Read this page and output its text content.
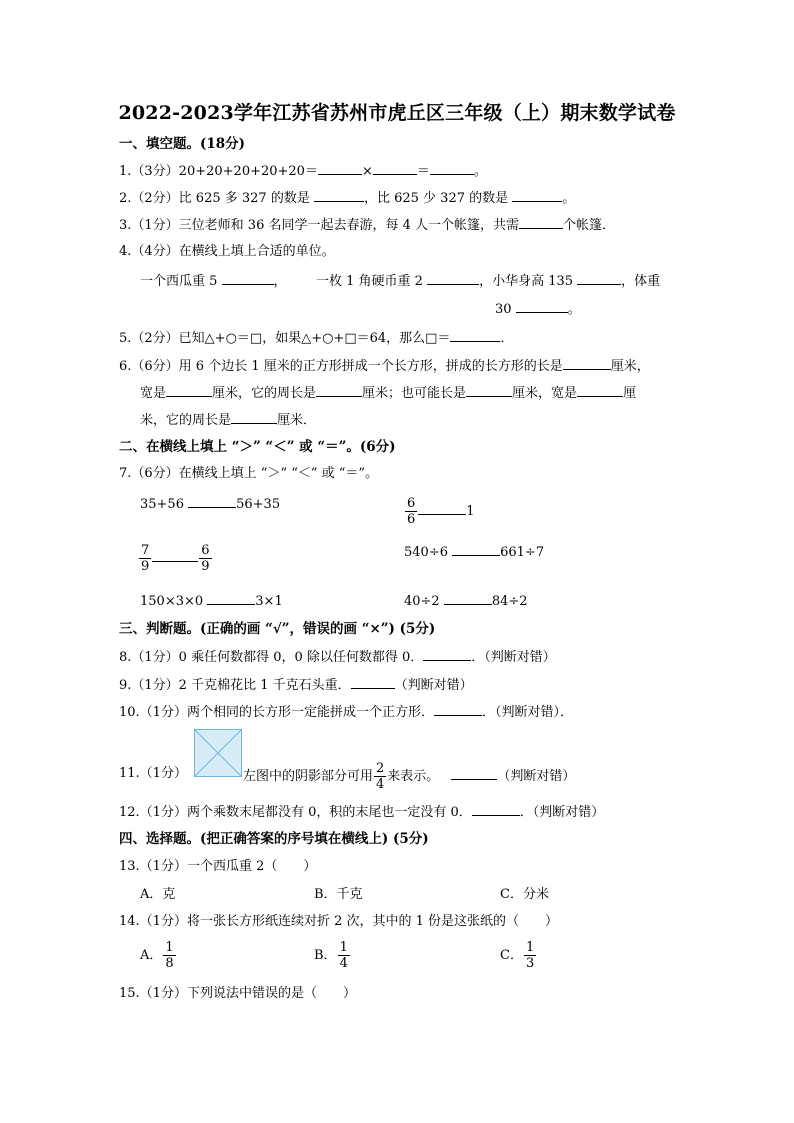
2022-2023学年江苏省苏州市虎丘区三年级（上）期末数学试卷
一、填空题。(18分)
1.（3分）20+20+20+20+20＝	×	＝	。
2.（2分）比 625 多 327 的数是	，比 625 少 327 的数是	。
3.（1分）三位老师和 36 名同学一起去春游，每 4 人一个帐篷，共需	个帐篷．
4.（4分）在横线上填上合适的单位。
一个西瓜重 5	， 一枚 1 角硬币重 2	，小华身高 135	，体重
30	。
5.（2分）已知△+○＝□，如果△+○+□＝64，那么□＝	．
6.（6分）用 6 个边长 1 厘米的正方形拼成一个长方形，拼成的长方形的长是	厘米，
宽是	厘米，它的周长是	厘米；也可能长是	厘米，宽是	厘
米，它的周长是	厘米．
二、在横线上填上 “＞” “＜” 或 “＝”。(6分)
7.（6分）在横线上填上 “＞” “＜” 或 “＝”。
35+56	56+35	$\frac{6}{6}$	1
$\frac{7}{9}$	$\frac{6}{9}$	540÷6	661÷7
150×3×0	3×1	40÷2	84÷2
三、判断题。(正确的画 “√”，错误的画 “×”) (5分)
8.（1分）0 乘任何数都得 0，0 除以任何数都得 0．	．（判断对错）
9.（1分）2 千克棉花比 1 千克石头重．	（判断对错）
10.（1分）两个相同的长方形一定能拼成一个正方形．	．（判断对错）．
11.（1分）	左图中的阴影部分可用 $\frac{2}{4}$ 来表示。	（判断对错）
12.（1分）两个乘数末尾都没有 0，积的末尾也一定没有 0．	．（判断对错）
四、选择题。(把正确答案的序号填在横线上) (5分)
13.（1分）一个西瓜重 2（　　）
A．克	B．千克	C．分米
14.（1分）将一张长方形纸连续对折 2 次，其中的 1 份是这张纸的（　　）
A． $\frac{1}{8}$	B． $\frac{1}{4}$	C． $\frac{1}{3}$
15.（1分）下列说法中错误的是（　　）
